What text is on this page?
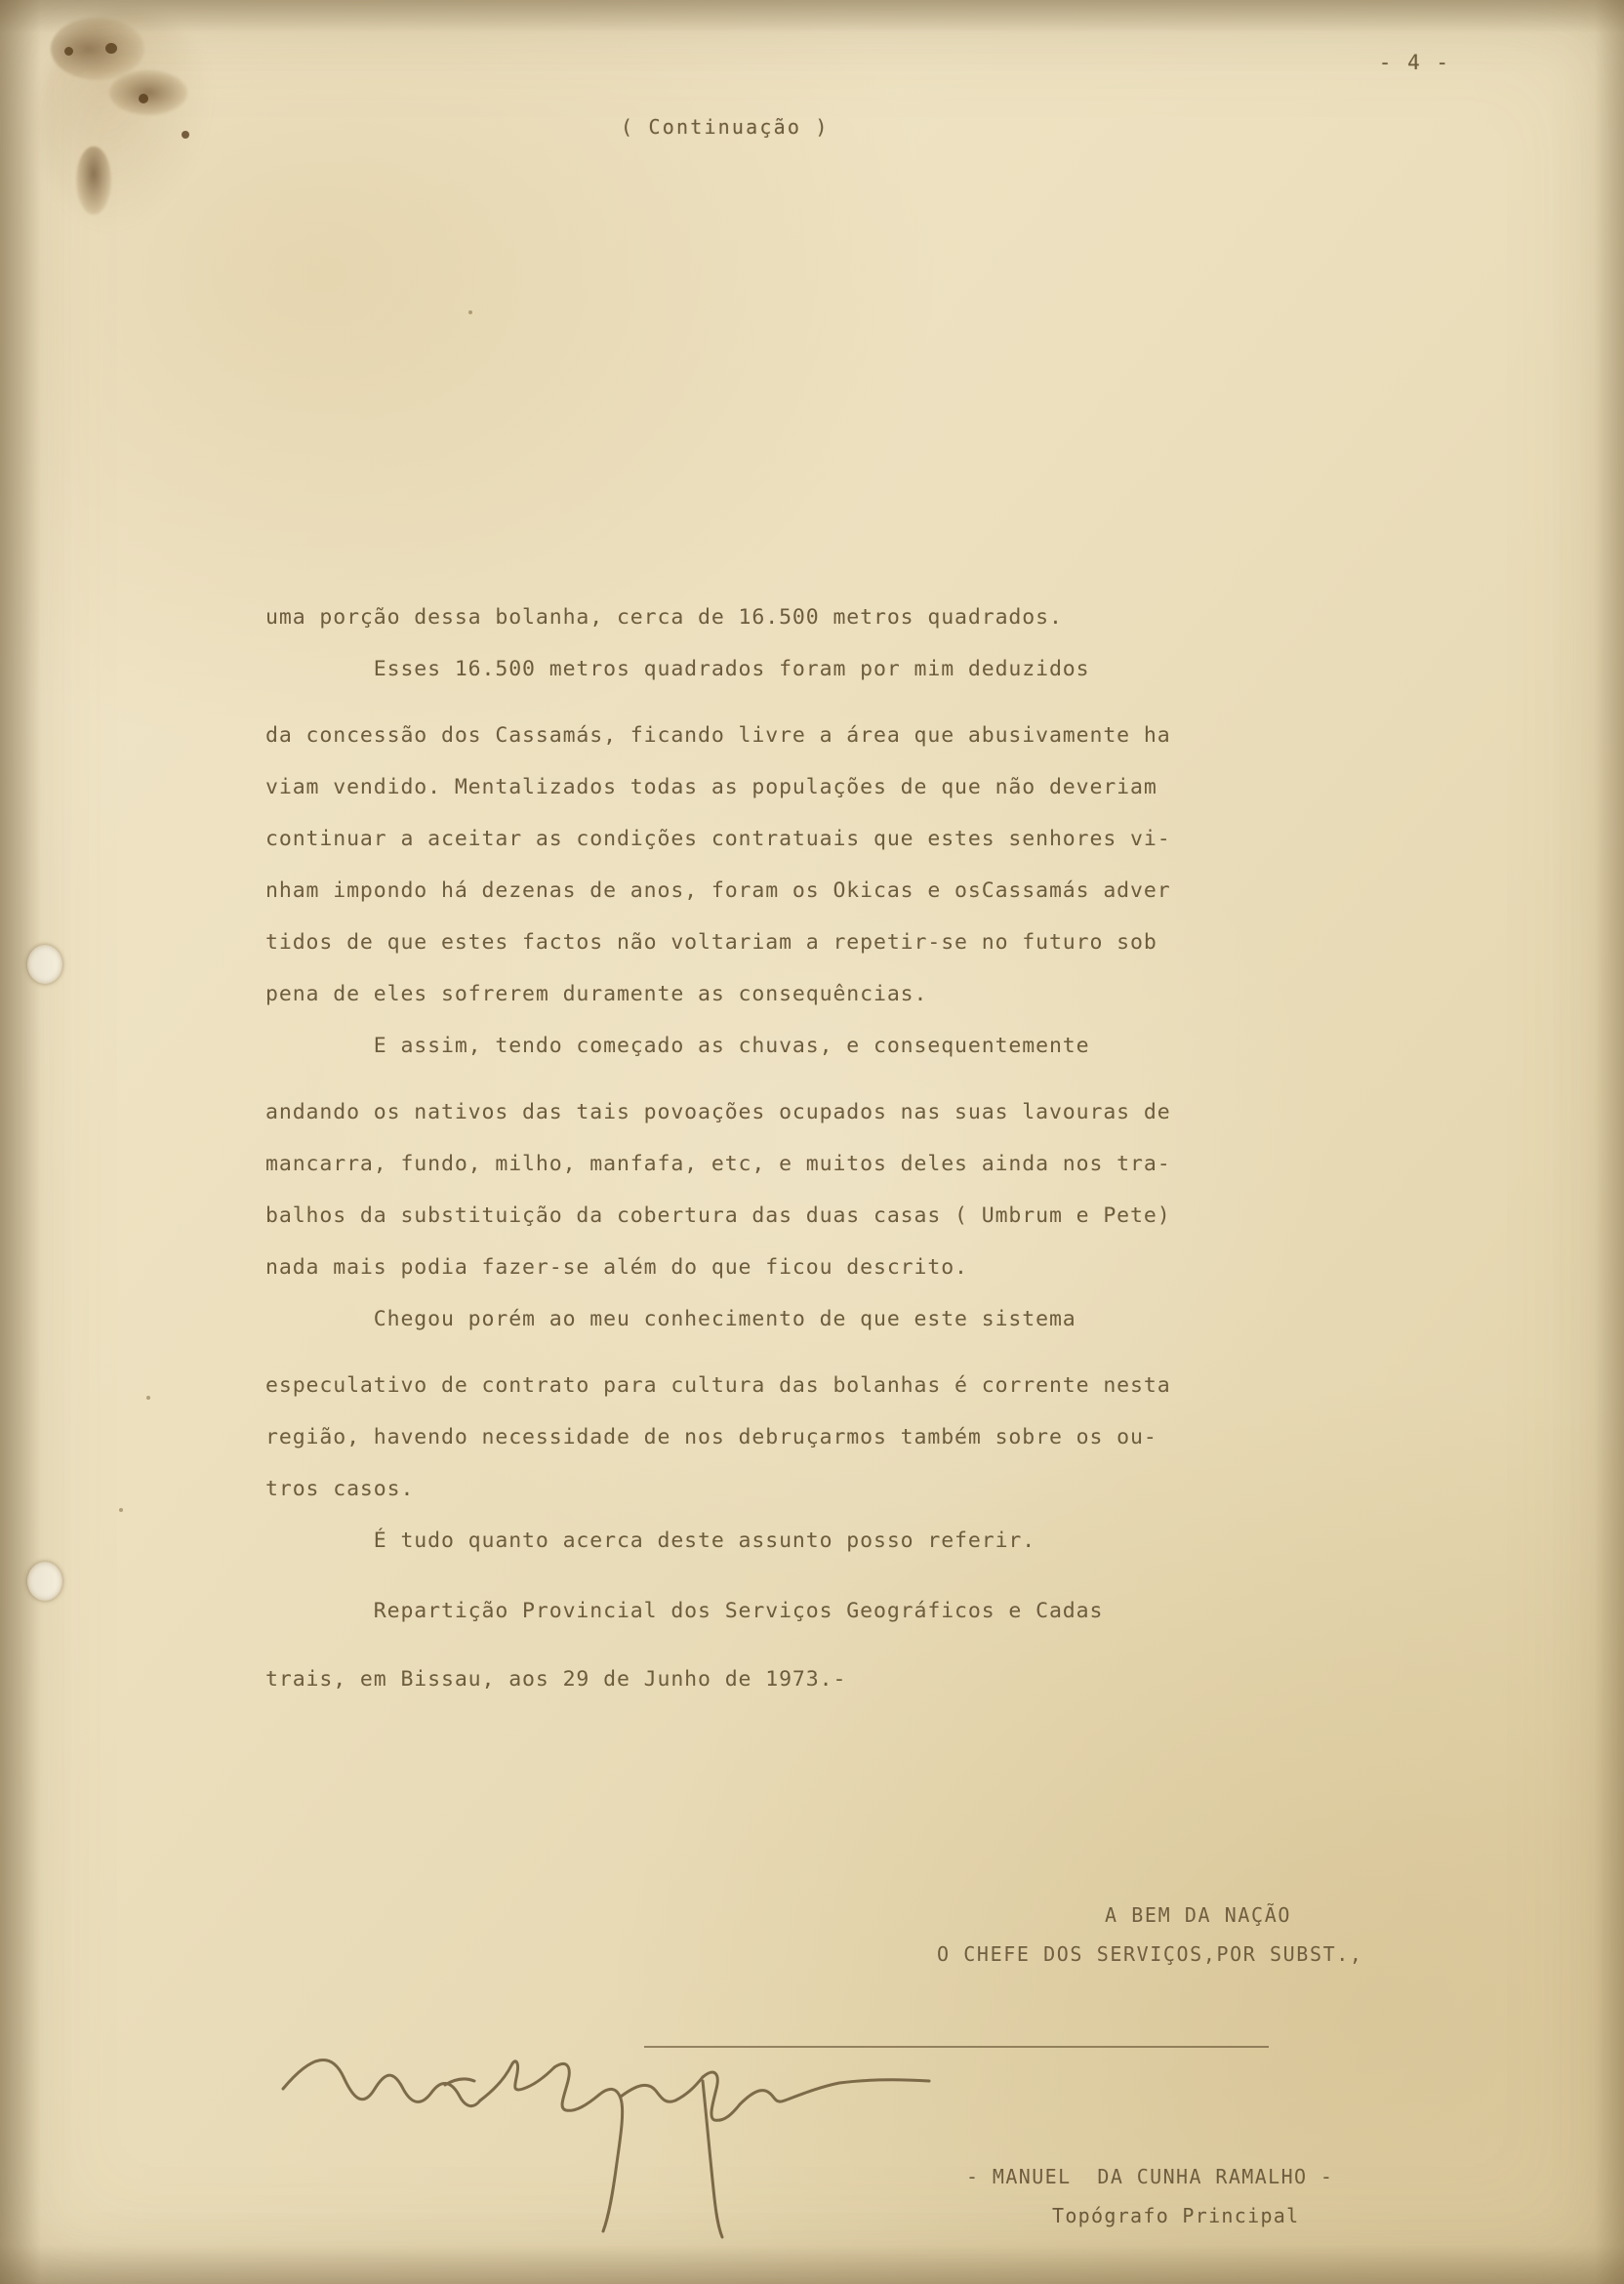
- 4 -
( Continuação )
uma porção dessa bolanha, cerca de 16.500 metros quadrados.
Esses 16.500 metros quadrados foram por mim deduzidos
da concessão dos Cassamás, ficando livre a área que abusivamente ha
viam vendido. Mentalizados todas as populações de que não deveriam
continuar a aceitar as condições contratuais que estes senhores vi-
nham impondo há dezenas de anos, foram os Okicas e osCassamás adver
tidos de que estes factos não voltariam a repetir-se no futuro sob
pena de eles sofrerem duramente as consequências.
E assim, tendo começado as chuvas, e consequentemente
andando os nativos das tais povoações ocupados nas suas lavouras de
mancarra, fundo, milho, manfafa, etc, e muitos deles ainda nos tra-
balhos da substituição da cobertura das duas casas ( Umbrum e Pete)
nada mais podia fazer-se além do que ficou descrito.
Chegou porém ao meu conhecimento de que este sistema
especulativo de contrato para cultura das bolanhas é corrente nesta
região, havendo necessidade de nos debruçarmos também sobre os ou-
tros casos.
É tudo quanto acerca deste assunto posso referir.
Repartição Provincial dos Serviços Geográficos e Cadas
trais, em Bissau, aos 29 de Junho de 1973.-
A BEM DA NAÇÃO
O CHEFE DOS SERVIÇOS,POR SUBST.,
- MANUEL  DA CUNHA RAMALHO -
Topógrafo Principal
